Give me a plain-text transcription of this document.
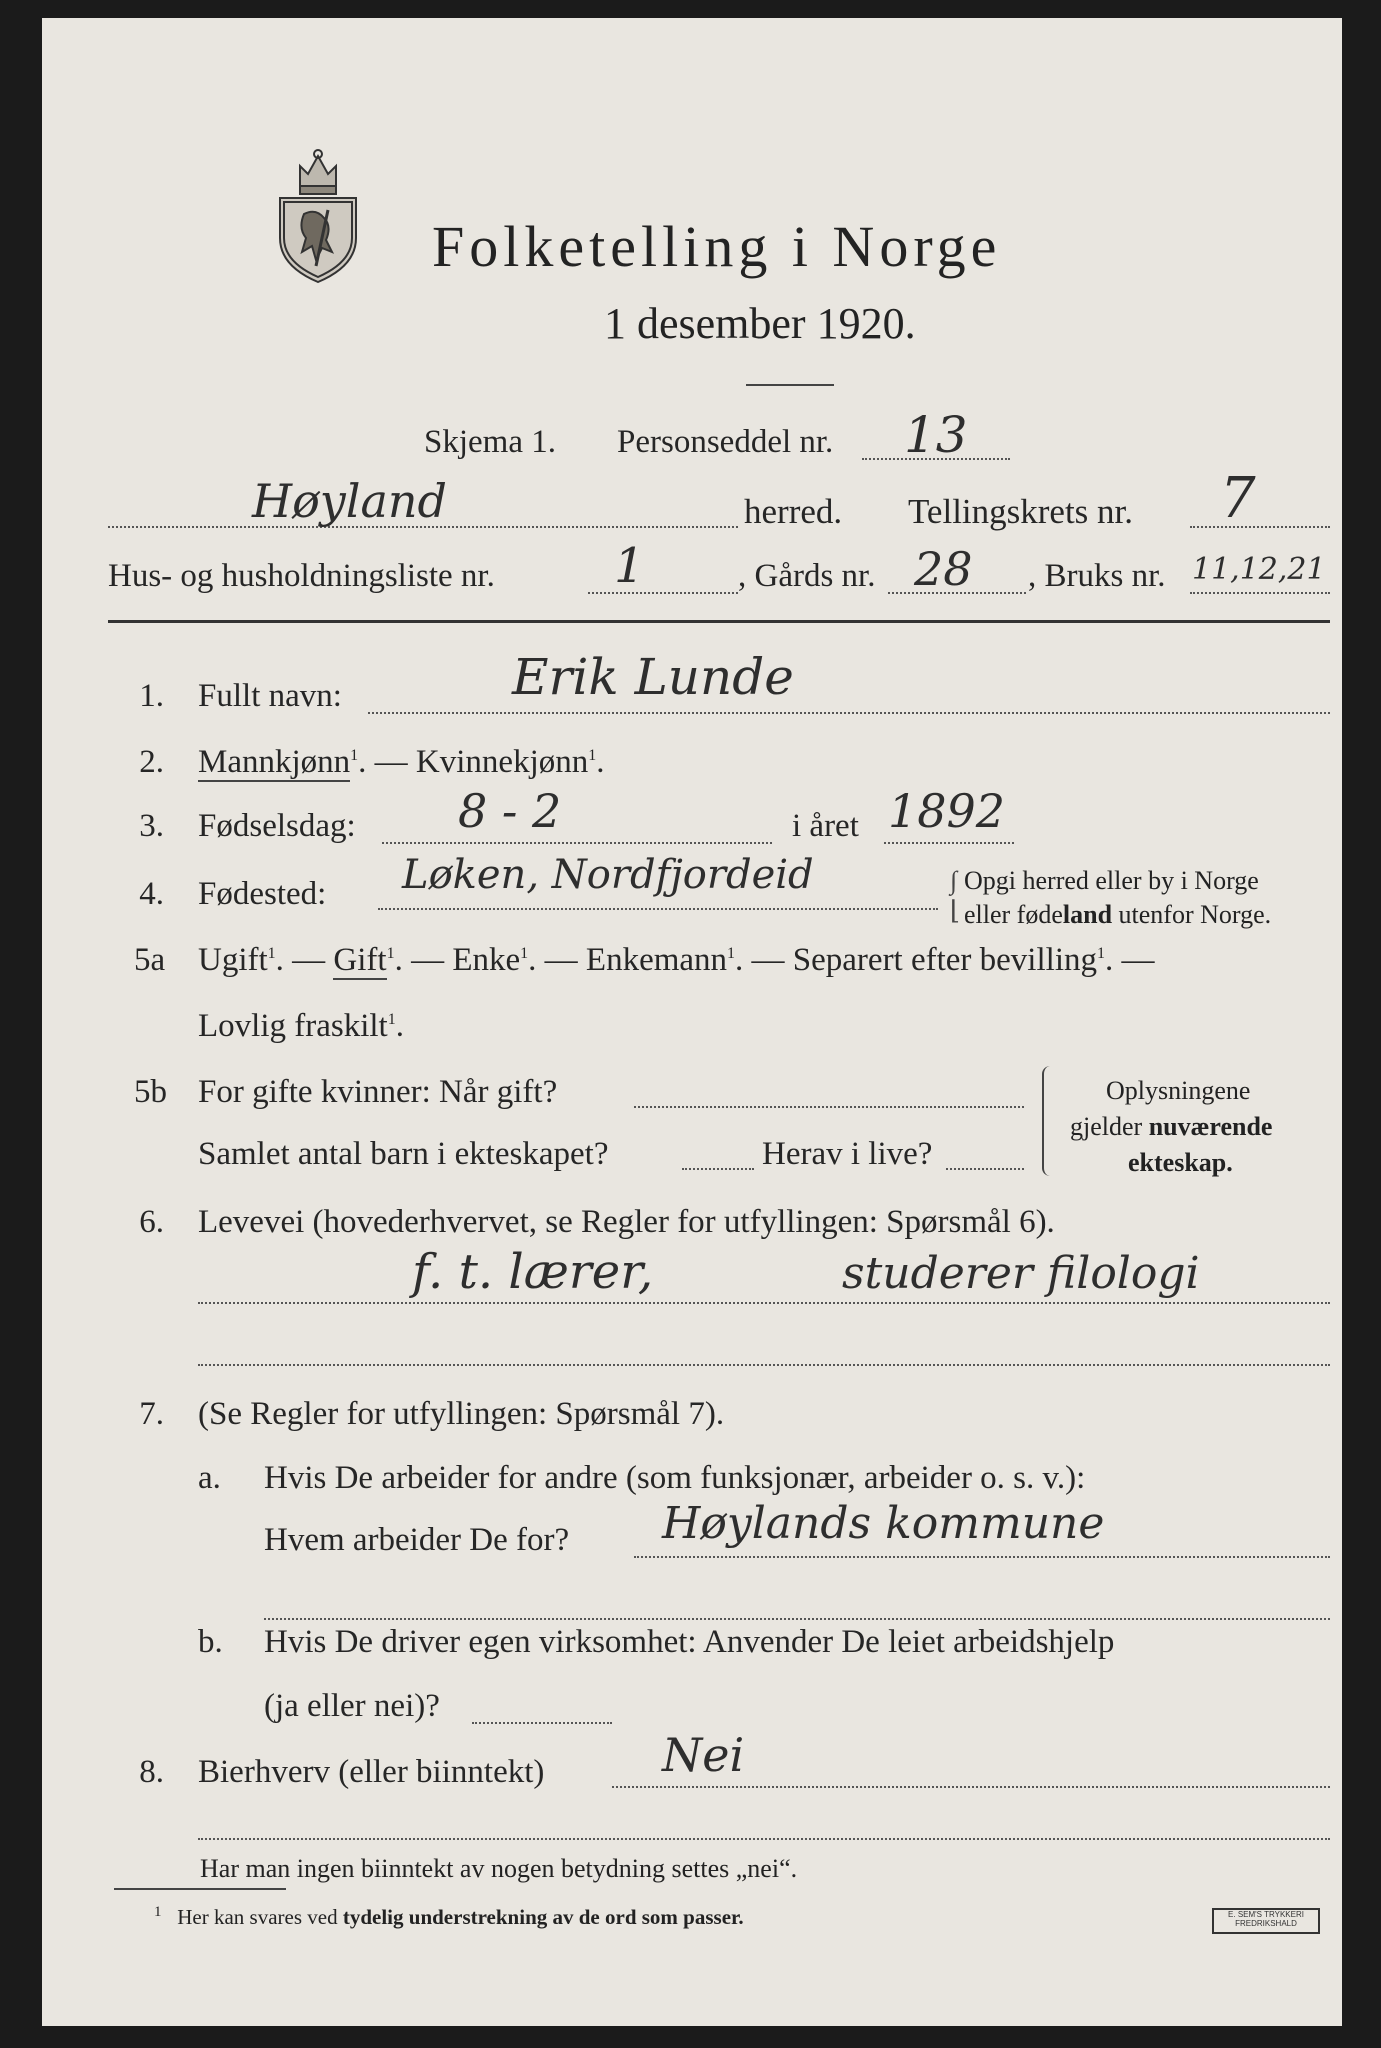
Folketelling i Norge
1 desember 1920.
Skjema 1. Personseddel nr. 13
Høyland	herred. Tellingskrets nr. 7
Hus- og husholdningsliste nr. 1	, Gårds nr. 28 , Bruks nr. 11,12,21
1. Fullt navn:	Erik Lunde
2. Mannkjønn$^1$. — Kvinnekjønn$^1$.
3. Fødselsdag: 8 - 2	i året 1892
4. Fødested: Løken, Nordfjordeid	∫
⌊
Opgi herred eller by i Norge
eller fødeland utenfor Norge.
5a Ugift$^1$. — Gift$^1$. — Enke$^1$. — Enkemann$^1$. — Separert efter bevilling$^1$. —
Lovlig fraskilt$^1$.
5b For gifte kvinner: Når gift?
Samlet antal barn i ekteskapet?	Herav i live?
Oplysningene
gjelder nuværende
ekteskap.
6. Levevei (hovederhvervet, se Regler for utfyllingen: Spørsmål 6).
f. t. lærer,	studerer filologi
7. (Se Regler for utfyllingen: Spørsmål 7).
a. Hvis De arbeider for andre (som funksjonær, arbeider o. s. v.):
Hvem arbeider De for? Høylands kommune
b. Hvis De driver egen virksomhet: Anvender De leiet arbeidshjelp
(ja eller nei)?
8. Bierhverv (eller biinntekt)	Nei
Har man ingen biinntekt av nogen betydning settes „nei“.
$^1$ Her kan svares ved tydelig understrekning av de ord som passer.	E. SEM'S TRYKKERI
FREDRIKSHALD
